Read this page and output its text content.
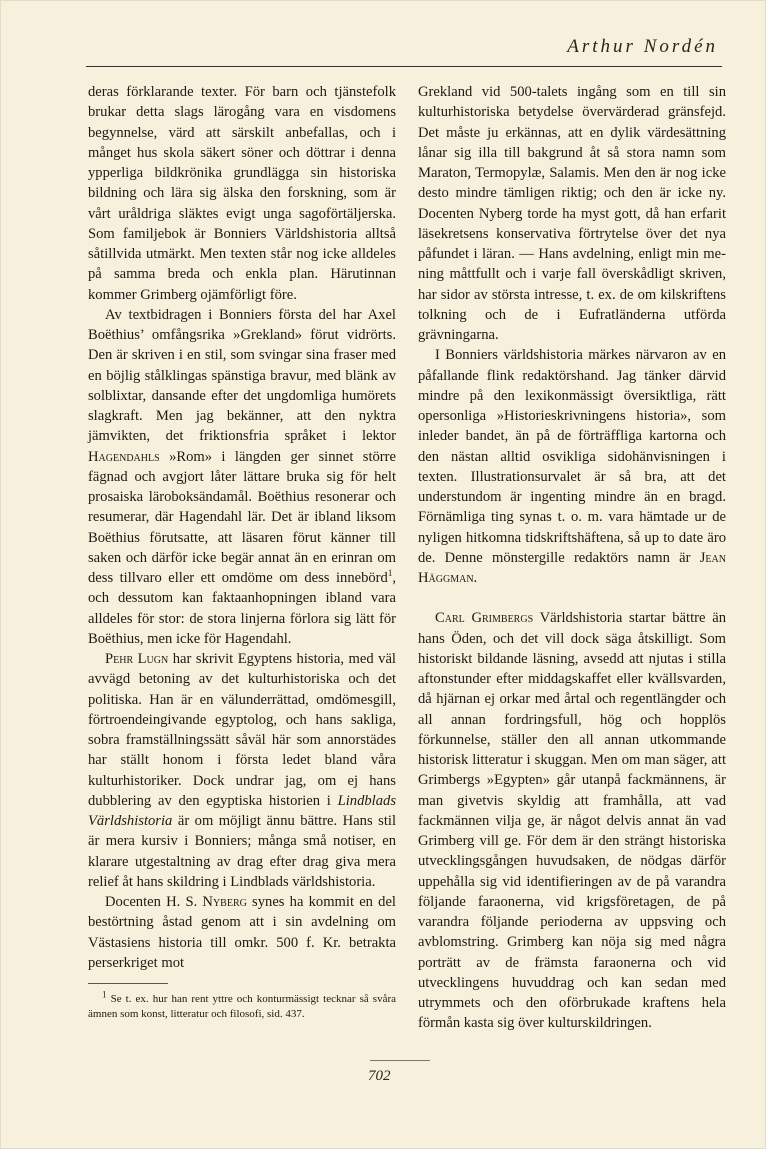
Arthur Nordén

deras förklarande texter. För barn och tjänstefolk brukar detta slags lärogång vara en visdomens begynnelse, värd att särskilt anbefallas, och i månget hus skola säkert söner och döttrar i denna ypperliga bildkrönika grundlägga sin historiska bildning och lära sig älska den forskning, som är vårt uråldriga släktes evigt unga sagoförtäljerska. Som familjebok är Bonniers Världshistoria alltså såtillvida utmärkt. Men texten står nog icke alldeles på samma breda och enkla plan. Härutinnan kommer Grimberg ojämförligt före.

Av textbidragen i Bonniers första del har Axel Boëthius’ omfångsrika »Grekland» förut vidrörts. Den är skriven i en stil, som svingar sina fraser med en böjlig stålklingas spänstiga bravur, med blänk av solblixtar, dansande efter det ungdomliga humörets slagkraft. Men jag bekänner, att den nyktra jämvikten, det friktionsfria språket i lektor Hagendahls »Rom» i längden ger sinnet större fägnad och avgjort låter lättare bruka sig för helt prosaiska läroboksändamål. Boëthius resonerar och resumerar, där Hagendahl lär. Det är ibland liksom Boëthius förutsatte, att läsaren förut känner till saken och därför icke begär annat än en erinran om dess tillvaro eller ett omdöme om dess innebörd$^1$, och dessutom kan faktaanhopningen ibland vara alldeles för stor: de stora linjerna förlora sig lätt för Boëthius, men icke för Hagendahl.

Pehr Lugn har skrivit Egyptens historia, med väl avvägd betoning av det kulturhistoriska och det politiska. Han är en välunderrättad, omdömesgill, förtroendeingivande egyptolog, och hans sakliga, sobra framställningssätt såväl här som annorstädes har ställt honom i första ledet bland våra kulturhistoriker. Dock undrar jag, om ej hans dubblering av den egyptiska historien i Lindblads Världshistoria är om möjligt ännu bättre. Hans stil är mera kursiv i Bonniers; många små notiser, en klarare utgestaltning av drag efter drag giva mera relief åt hans skildring i Lindblads världshistoria.

Docenten H. S. Nyberg synes ha kommit en del bestörtning åstad genom att i sin avdelning om Västasiens historia till omkr. 500 f. Kr. betrakta perserkriget mot

$^1$ Se t. ex. hur han rent yttre och konturmässigt tecknar så svåra ämnen som konst, litteratur och filosofi, sid. 437.

Grekland vid 500-talets ingång som en till sin kulturhistoriska betydelse övervärderad gränsfejd. Det måste ju erkännas, att en dylik värdesättning lånar sig illa till bakgrund åt så stora namn som Maraton, Termopylæ, Salamis. Men den är nog icke desto mindre tämligen riktig; och den är icke ny. Docenten Nyberg torde ha myst gott, då han erfarit läsekretsens konservativa förtrytelse över det nya påfundet i läran. — Hans avdelning, enligt min mening måttfullt och i varje fall överskådligt skriven, har sidor av största intresse, t. ex. de om kilskriftens tolkning och de i Eufratländerna utförda grävningarna.

I Bonniers världshistoria märkes närvaron av en påfallande flink redaktörshand. Jag tänker därvid mindre på den lexikonmässigt översiktliga, rätt opersonliga »Historieskrivningens historia», som inleder bandet, än på de förträffliga kartorna och den nästan alltid osvikliga sidohänvisningen i texten. Illustrationsurvalet är så bra, att det understundom är ingenting mindre än en bragd. Förnämliga ting synas t. o. m. vara hämtade ur de nyligen hitkomna tidskriftshäftena, så up to date äro de. Denne mönstergille redaktörs namn är Jean Häggman.

Carl Grimbergs Världshistoria startar bättre än hans Öden, och det vill dock säga åtskilligt. Som historiskt bildande läsning, avsedd att njutas i stilla aftonstunder efter middagskaffet eller kvällsvarden, då hjärnan ej orkar med årtal och regentlängder och all annan fordringsfull, hög och hopplös förkunnelse, ställer den all annan utkommande historisk litteratur i skuggan. Men om man säger, att Grimbergs »Egypten» går utanpå fackmännens, är man givetvis skyldig att framhålla, att vad fackmännen vilja ge, är något delvis annat än vad Grimberg vill ge. För dem är den strängt historiska utvecklingsgången huvudsaken, de nödgas därför uppehålla sig vid identifieringen av de på varandra följande faraonerna, vid krigsföretagen, de på varandra följande perioderna av uppsving och avblomstring. Grimberg kan nöja sig med några porträtt av de främsta faraonerna och vid utvecklingens huvuddrag och kan sedan med utrymmets och den oförbrukade kraftens hela förmån kasta sig över kulturskildringen.

702
